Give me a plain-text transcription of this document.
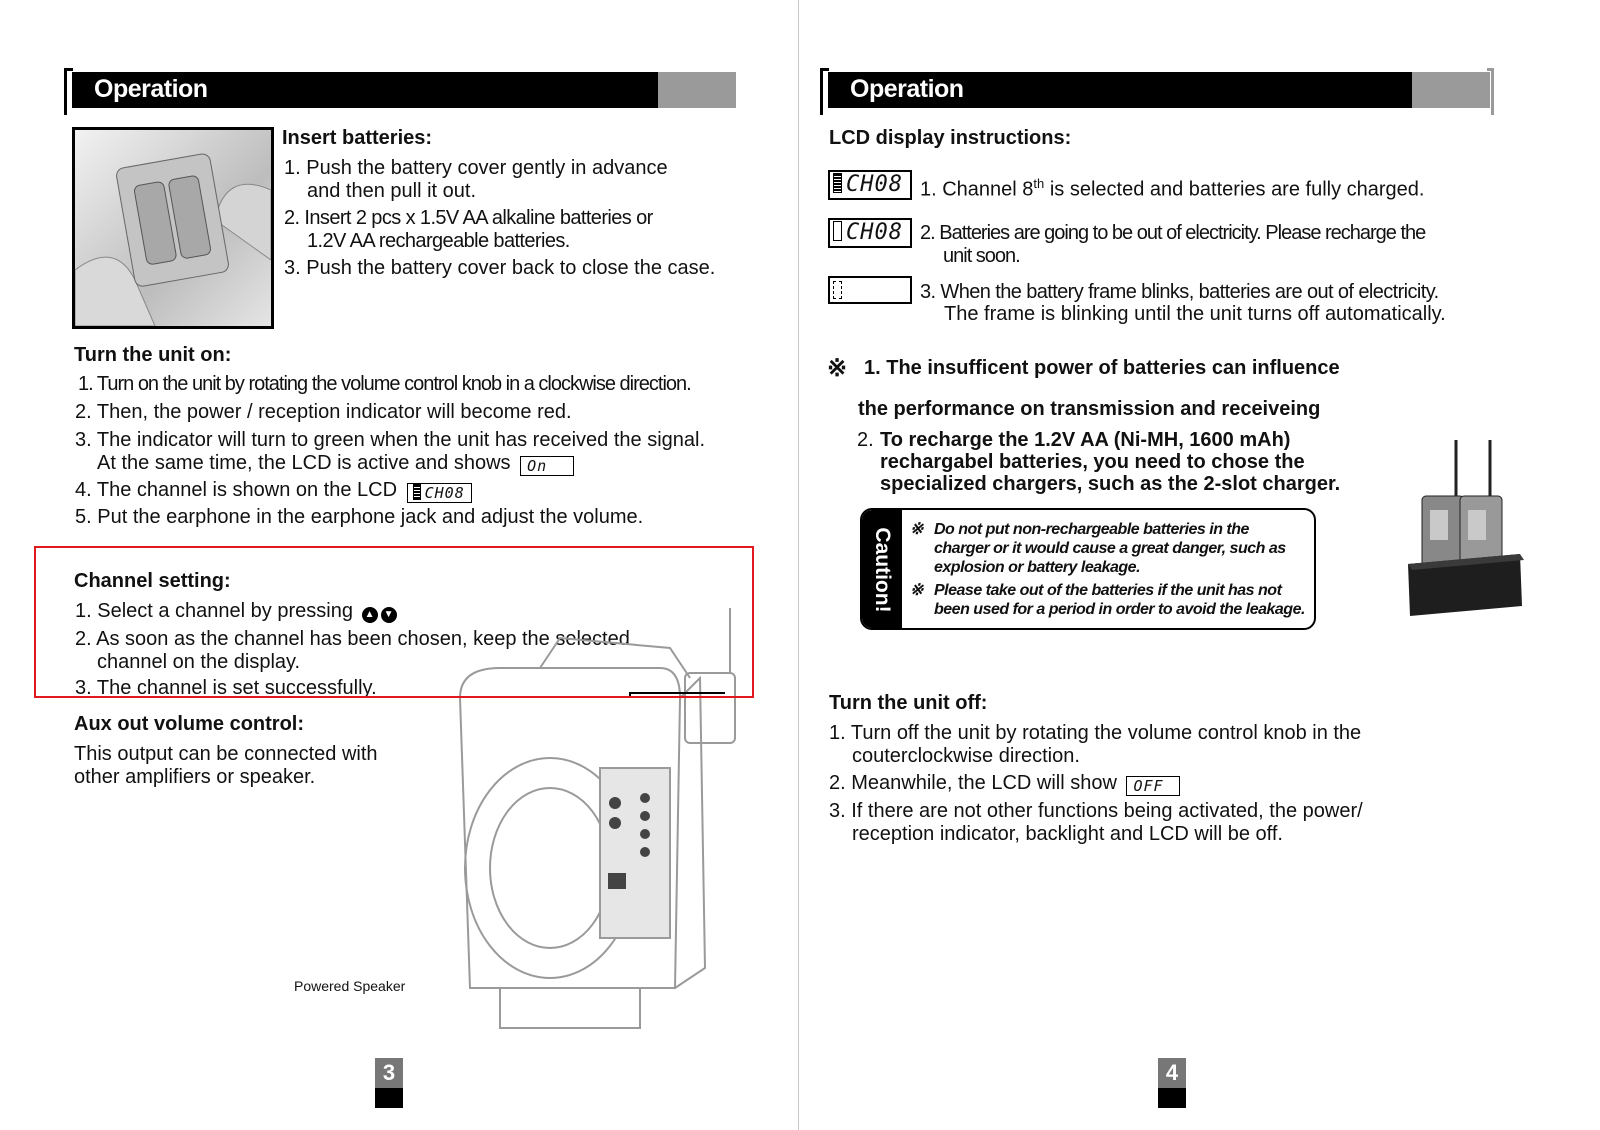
Operation
Insert batteries:
1. Push the battery cover gently in advance
and then pull it out.
2. Insert 2 pcs x 1.5V AA alkaline batteries or
1.2V AA rechargeable batteries.
3. Push the battery cover back to close the case.
Turn the unit on:
1. Turn on the unit by rotating the volume control knob in a clockwise direction.
2. Then, the power / reception indicator will become red.
3. The indicator will turn to green when the unit has received the signal.
At the same time, the LCD is active and shows On
4. The channel is shown on the LCD CH08
5. Put the earphone in the earphone jack and adjust the volume.
Channel setting:
1. Select a channel by pressing ▲ ▼
2. As soon as the channel has been chosen, keep the selected
channel on the display.
3. The channel is set successfully.
Aux out volume control:
This output can be connected with
other amplifiers or speaker.
Powered Speaker
3
Operation
LCD display instructions:
CH08 1. Channel 8th is selected and batteries are fully charged.
CH08 2. Batteries are going to be out of electricity. Please recharge the
unit soon.
3. When the battery frame blinks, batteries are out of electricity.
The frame is blinking until the unit turns off automatically.
※ 1. The insufficent power of batteries can influence
the performance on transmission and receiveing
2. To recharge the 1.2V AA (Ni-MH, 1600 mAh)
rechargabel batteries, you need to chose the
specialized chargers, such as the 2-slot charger.
Caution! ※ Do not put non-rechargeable batteries in the
charger or it would cause a great danger, such as
explosion or battery leakage.
※ Please take out of the batteries if the unit has not
been used for a period in order to avoid the leakage.
Turn the unit off:
1. Turn off the unit by rotating the volume control knob in the
couterclockwise direction.
2. Meanwhile, the LCD will show OFF
3. If there are not other functions being activated, the power/
reception indicator, backlight and LCD will be off.
4
